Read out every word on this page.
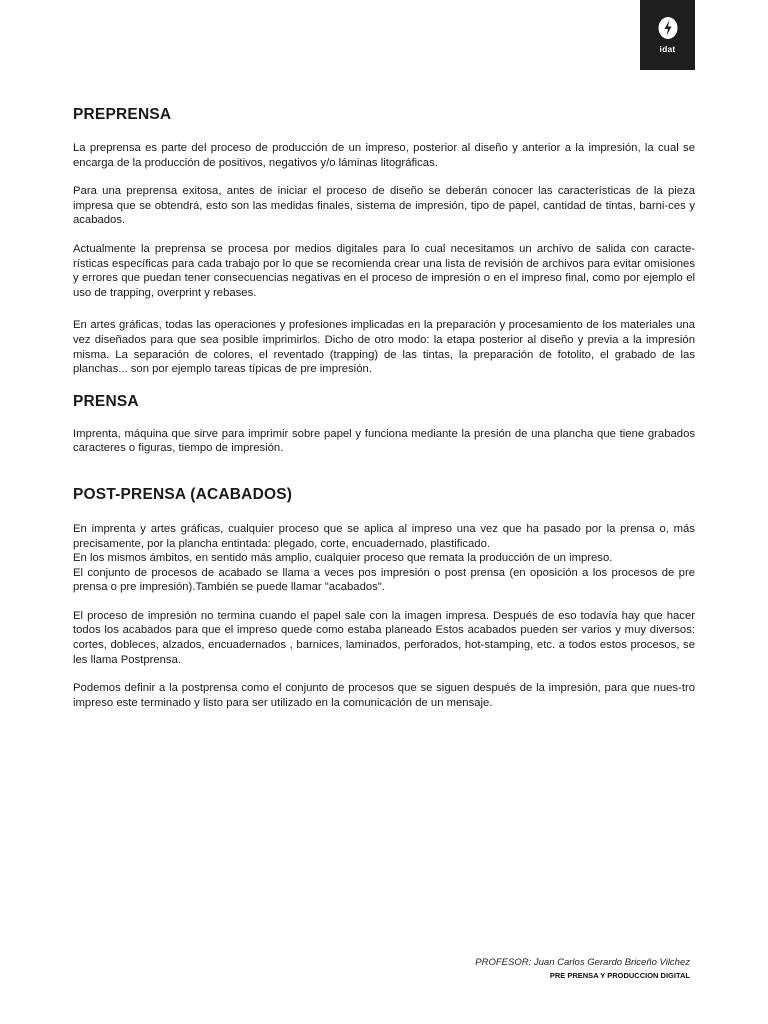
idat
PREPRENSA

La preprensa es parte del proceso de producción de un impreso, posterior al diseño y anterior a la impresión, la cual se encarga de la producción de positivos, negativos y/o láminas litográficas.

Para una preprensa exitosa, antes de iniciar el proceso de diseño se deberán conocer las características de la pieza impresa que se obtendrá, esto son las medidas finales, sistema de impresión, tipo de papel, cantidad de tintas, barni-ces y acabados.

Actualmente la preprensa se procesa por medios digitales para lo cual necesitamos un archivo de salida con caracte-rísticas específicas para cada trabajo por lo que se recomienda crear una lista de revisión de archivos para evitar omisiones y errores que puedan tener consecuencias negativas en el proceso de impresión o en el impreso final, como por ejemplo el uso de trapping, overprint y rebases.

En artes gráficas, todas las operaciones y profesiones implicadas en la preparación y procesamiento de los materiales una vez diseñados para que sea posible imprimirlos. Dicho de otro modo: la etapa posterior al diseño y previa a la impresión misma. La separación de colores, el reventado (trapping) de las tintas, la preparación de fotolito, el grabado de las planchas... son por ejemplo tareas típicas de pre impresión.

PRENSA

Imprenta, máquina que sirve para imprimir sobre papel y funciona mediante la presión de una plancha que tiene grabados caracteres o figuras, tiempo de impresión.

POST-PRENSA (ACABADOS)

En imprenta y artes gráficas, cualquier proceso que se aplica al impreso una vez que ha pasado por la prensa o, más precisamente, por la plancha entintada: plegado, corte, encuadernado, plastificado.

En los mismos ámbitos, en sentido más amplio, cualquier proceso que remata la producción de un impreso.

El conjunto de procesos de acabado se llama a veces pos impresión o post prensa (en oposición a los procesos de pre prensa o pre impresión).También se puede llamar "acabados".

El proceso de impresión no termina cuando el papel sale con la imagen impresa. Después de eso todavía hay que hacer todos los acabados para que el impreso quede como estaba planeado Estos acabados pueden ser varios y muy diversos: cortes, dobleces, alzados, encuadernados , barnices, laminados, perforados, hot-stamping, etc. a todos estos procesos, se les llama Postprensa.

Podemos definir a la postprensa como el conjunto de procesos que se siguen después de la impresión, para que nues-tro impreso este terminado y listo para ser utilizado en la comunicación de un mensaje.

PROFESOR: Juan Carlos Gerardo Briceño Vilchez
PRE PRENSA Y PRODUCCION DIGITAL
